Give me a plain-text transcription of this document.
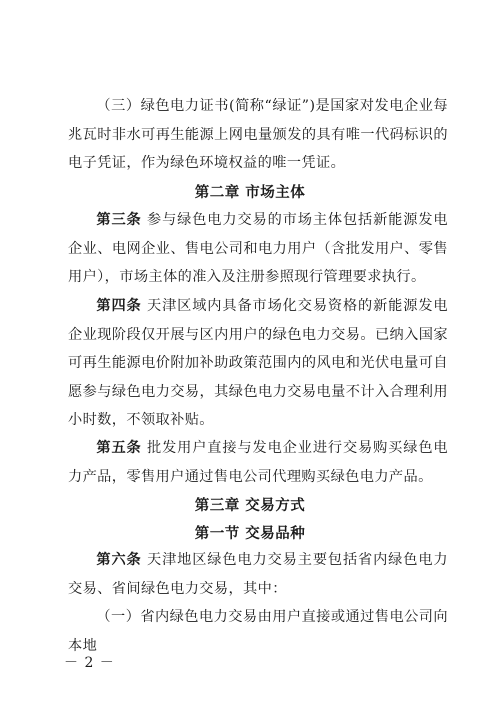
（三）绿色电力证书(简称“绿证”)是国家对发电企业每兆瓦时非水可再生能源上网电量颁发的具有唯一代码标识的电子凭证，作为绿色环境权益的唯一凭证。

第二章 市场主体

第三条 参与绿色电力交易的市场主体包括新能源发电企业、电网企业、售电公司和电力用户（含批发用户、零售用户），市场主体的准入及注册参照现行管理要求执行。

第四条 天津区域内具备市场化交易资格的新能源发电企业现阶段仅开展与区内用户的绿色电力交易。已纳入国家可再生能源电价附加补助政策范围内的风电和光伏电量可自愿参与绿色电力交易，其绿色电力交易电量不计入合理利用小时数，不领取补贴。

第五条 批发用户直接与发电企业进行交易购买绿色电力产品，零售用户通过售电公司代理购买绿色电力产品。

第三章 交易方式
第一节 交易品种

第六条 天津地区绿色电力交易主要包括省内绿色电力交易、省间绿色电力交易，其中：

（一）省内绿色电力交易由用户直接或通过售电公司向本地

－ 2 －
